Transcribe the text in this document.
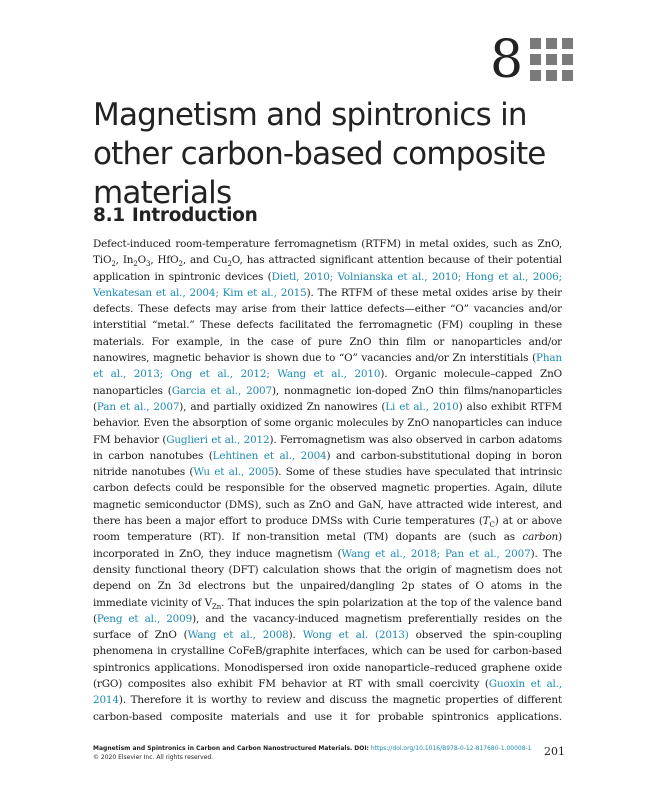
8
Magnetism and spintronics in other carbon-based composite materials
8.1 Introduction

Defect-induced room-temperature ferromagnetism (RTFM) in metal oxides, such as ZnO, TiO$_2$, $In_2O_3$, HfO$_2$, and $Cu_2O$, has attracted significant attention because of their potential application in spintronic devices (Dietl, 2010; Volnianska et al., 2010; Hong et al., 2006; Venkatesan et al., 2004; Kim et al., 2015). The RTFM of these metal oxides arise by their defects. These defects may arise from their lattice defects—either “O” vacancies and/or interstitial “metal.” These defects facilitated the ferromagnetic (FM) coupling in these materials. For example, in the case of pure ZnO thin film or nanoparticles and/or nanowires, magnetic behavior is shown due to “O” vacancies and/or Zn interstitials (Phan et al., 2013; Ong et al., 2012; Wang et al., 2010). Organic molecule–capped ZnO nanoparticles (Garcia et al., 2007), nonmagnetic ion-doped ZnO thin films/nanoparticles (Pan et al., 2007), and partially oxidized Zn nanowires (Li et al., 2010) also exhibit RTFM behavior. Even the absorption of some organic molecules by ZnO nanoparticles can induce FM behavior (Guglieri et al., 2012). Ferromagnetism was also observed in carbon adatoms in carbon nanotubes (Lehtinen et al., 2004) and carbon-substitutional doping in boron nitride nanotubes (Wu et al., 2005). Some of these studies have speculated that intrinsic carbon defects could be responsible for the observed magnetic properties. Again, dilute magnetic semiconductor (DMS), such as ZnO and GaN, have attracted wide interest, and there has been a major effort to produce DMSs with Curie temperatures $(T_C)$ at or above room temperature (RT). If non-transition metal (TM) dopants are (such as carbon) incorporated in ZnO, they induce magnetism (Wang et al., 2018; Pan et al., 2007). The density functional theory (DFT) calculation shows that the origin of magnetism does not depend on Zn 3d electrons but the unpaired/dangling 2p states of O atoms in the immediate vicinity of $V_{Zn}$. That induces the spin polarization at the top of the valence band (Peng et al., 2009), and the vacancy-induced magnetism preferentially resides on the surface of ZnO (Wang et al., 2008). Wong et al. (2013) observed the spin-coupling phenomena in crystalline CoFeB/graphite interfaces, which can be used for carbon-based spintronics applications. Monodispersed iron oxide nanoparticle–reduced graphene oxide (rGO) composites also exhibit FM behavior at RT with small coercivity (Guoxin et al., 2014). Therefore it is worthy to review and discuss the magnetic properties of different carbon-based composite materials and use it for probable spintronics applications.

Magnetism and Spintronics in Carbon and Carbon Nanostructured Materials. DOI: https://doi.org/10.1016/B978-0-12-817680-1.00008-1
© 2020 Elsevier Inc. All rights reserved.	201
